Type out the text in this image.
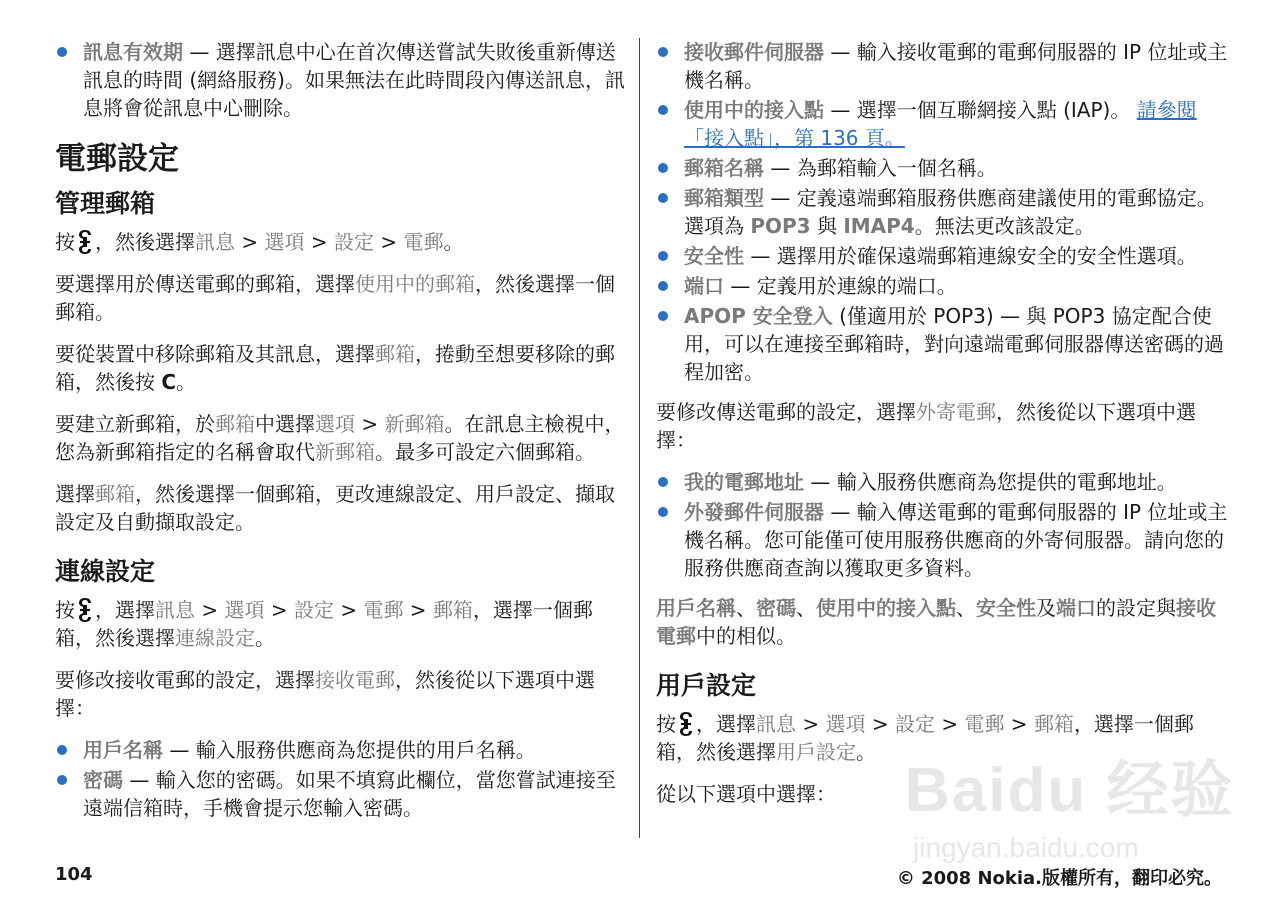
訊息有效期 — 選擇訊息中心在首次傳送嘗試失敗後重新傳送訊息的時間 (網絡服務)。如果無法在此時間段內傳送訊息，訊息將會從訊息中心刪除。
電郵設定
管理郵箱

按 ，然後選擇訊息 > 選項 > 設定 > 電郵。

要選擇用於傳送電郵的郵箱，選擇使用中的郵箱，然後選擇一個郵箱。

要從裝置中移除郵箱及其訊息，選擇郵箱，捲動至想要移除的郵箱，然後按 C。

要建立新郵箱，於郵箱中選擇選項 > 新郵箱。在訊息主檢視中，您為新郵箱指定的名稱會取代新郵箱。最多可設定六個郵箱。

選擇郵箱，然後選擇一個郵箱，更改連線設定、用戶設定、擷取設定及自動擷取設定。

連線設定

按 ，選擇訊息 > 選項 > 設定 > 電郵 > 郵箱，選擇一個郵箱，然後選擇連線設定。

要修改接收電郵的設定，選擇接收電郵，然後從以下選項中選擇：

用戶名稱 — 輸入服務供應商為您提供的用戶名稱。
密碼 — 輸入您的密碼。如果不填寫此欄位，當您嘗試連接至遠端信箱時，手機會提示您輸入密碼。
接收郵件伺服器 — 輸入接收電郵的電郵伺服器的 IP 位址或主機名稱。
使用中的接入點 — 選擇一個互聯網接入點 (IAP)。 請參閱 「接入點」，第 136 頁。
郵箱名稱 — 為郵箱輸入一個名稱。
郵箱類型 — 定義遠端郵箱服務供應商建議使用的電郵協定。選項為 POP3 與 IMAP4。無法更改該設定。
安全性 — 選擇用於確保遠端郵箱連線安全的安全性選項。
端口 — 定義用於連線的端口。
APOP 安全登入 (僅適用於 POP3) — 與 POP3 協定配合使用，可以在連接至郵箱時，對向遠端電郵伺服器傳送密碼的過程加密。

要修改傳送電郵的設定，選擇外寄電郵，然後從以下選項中選擇：

我的電郵地址 — 輸入服務供應商為您提供的電郵地址。
外發郵件伺服器 — 輸入傳送電郵的電郵伺服器的 IP 位址或主機名稱。您可能僅可使用服務供應商的外寄伺服器。請向您的服務供應商查詢以獲取更多資料。

用戶名稱、密碼、使用中的接入點、安全性及端口的設定與接收電郵中的相似。

用戶設定

按 ，選擇訊息 > 選項 > 設定 > 電郵 > 郵箱，選擇一個郵箱，然後選擇用戶設定。

從以下選項中選擇：

104	© 2008 Nokia.版權所有，翻印必究。
Baidu 经验
jingyan.baidu.com
